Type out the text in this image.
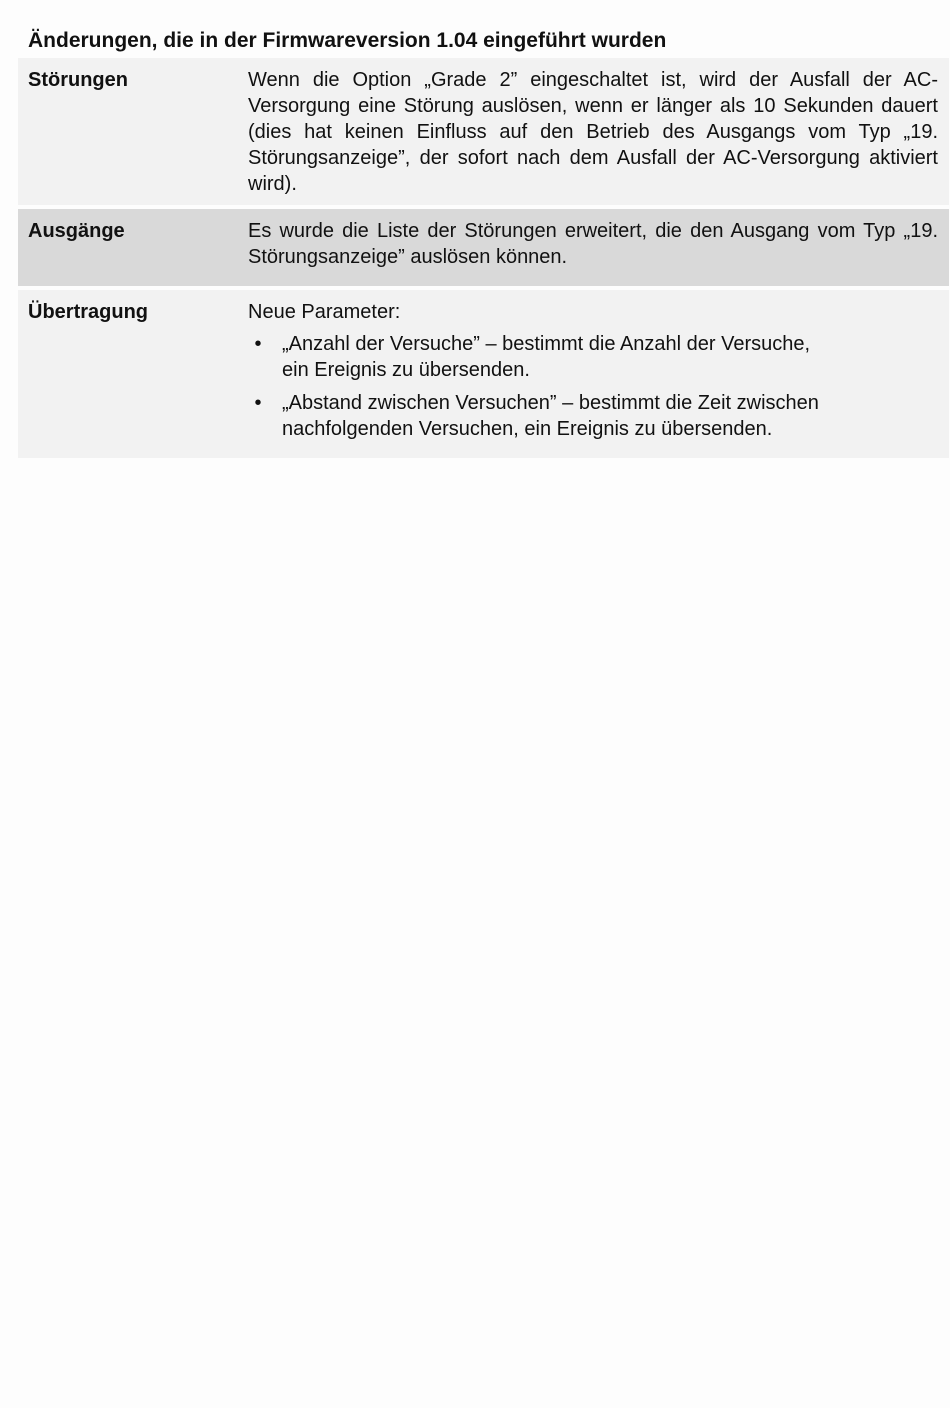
Änderungen, die in der Firmwareversion 1.04 eingeführt wurden
Störungen	Wenn die Option „Grade 2” eingeschaltet ist, wird der Ausfall der AC-Versorgung eine Störung auslösen, wenn er länger als 10 Sekunden dauert (dies hat keinen Einfluss auf den Betrieb des Ausgangs vom Typ „19. Störungsanzeige”, der sofort nach dem Ausfall der AC-Versorgung aktiviert wird).
Ausgänge	Es wurde die Liste der Störungen erweitert, die den Ausgang vom Typ „19. Störungsanzeige” auslösen können.
Übertragung	Neue Parameter:
•	„Anzahl der Versuche” – bestimmt die Anzahl der Versuche,
ein Ereignis zu übersenden.
•	„Abstand zwischen Versuchen” – bestimmt die Zeit zwischen
nachfolgenden Versuchen, ein Ereignis zu übersenden.
